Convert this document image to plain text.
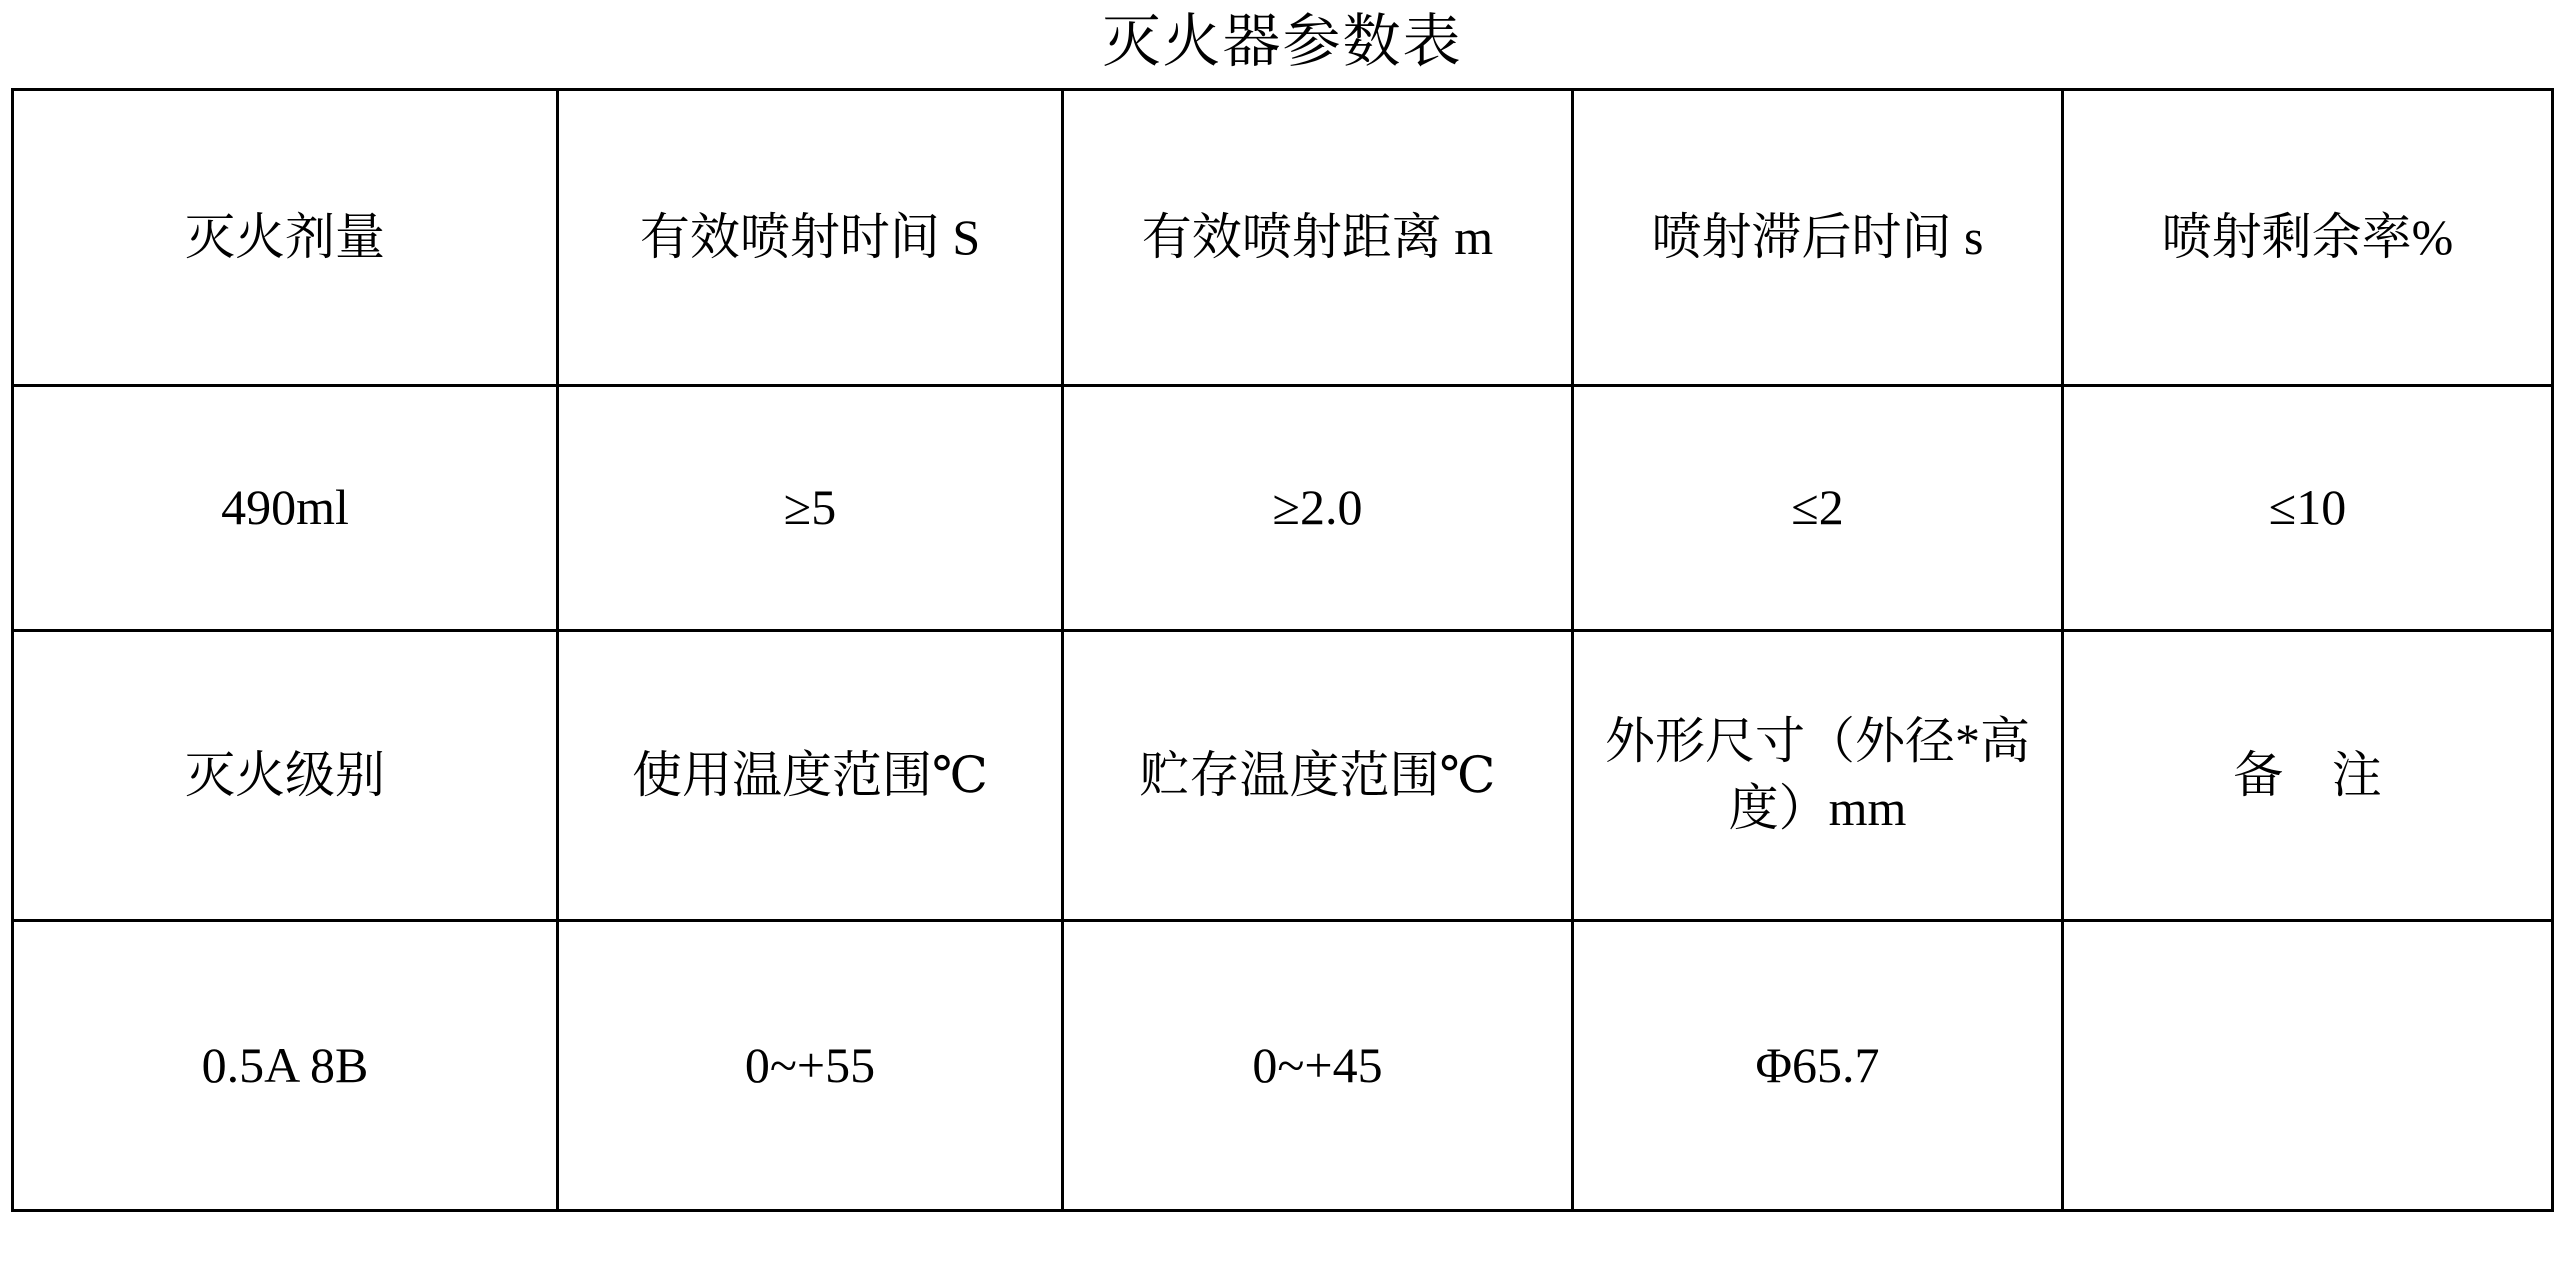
灭火器参数表
灭火剂量	有效喷射时间 S	有效喷射距离 m	喷射滞后时间 s	喷射剩余率%

490ml	≥5	≥2.0	≤2	≤10

灭火级别	使用温度范围℃	贮存温度范围℃	外形尺寸（外径*高度）mm	备 注

0.5A 8B	0~+55	0~+45	Φ65.7	
